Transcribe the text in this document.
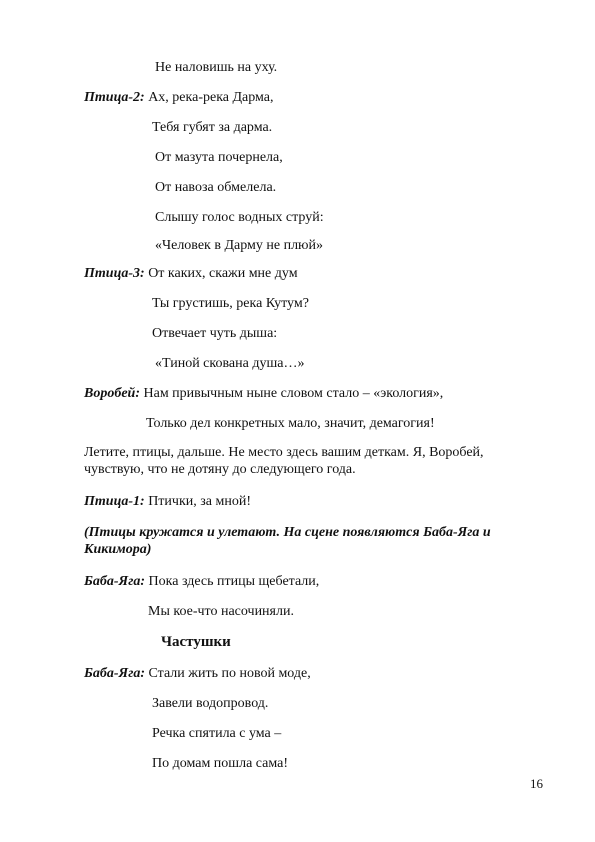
Не наловишь на уху.
Птица-2: Ах, река-река Дарма,
Тебя губят за дарма.
От мазута почернела,
От навоза обмелела.
Слышу голос водных струй:
«Человек в Дарму не плюй»
Птица-3: От каких, скажи мне дум
Ты грустишь, река Кутум?
Отвечает чуть дыша:
«Тиной скована душа…»
Воробей: Нам привычным ныне словом стало – «экология»,
Только дел конкретных мало, значит, демагогия!
Летите, птицы, дальше. Не место здесь вашим деткам. Я, Воробей, чувствую, что не дотяну до следующего года.
Птица-1: Птички, за мной!
(Птицы кружатся и улетают. На сцене появляются Баба-Яга и Кикимора)
Баба-Яга: Пока здесь птицы щебетали,
Мы кое-что насочиняли.
Частушки
Баба-Яга: Стали жить по новой моде,
Завели водопровод.
Речка спятила с ума –
По домам пошла сама!
16
